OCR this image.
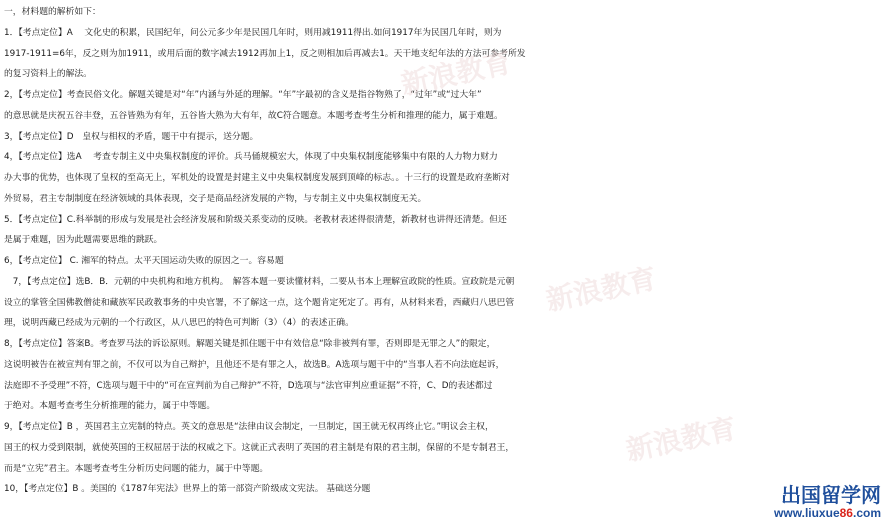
一，材料题的解析如下：

1．【考点定位】A　 文化史的积累，民国纪年，问公元多少年是民国几年时，则用减1911得出.如问1917年为民国几年时，则为

1917-1911=6年，反之则为加1911，或用后面的数字减去1912再加上1，反之则相加后再减去1。天干地支纪年法的方法可参考所发

的复习资料上的解法。

2，【考点定位】考查民俗文化。解题关键是对“年”内涵与外延的理解。“年”字最初的含义是指谷物熟了，“过年”或“过大年”

的意思就是庆祝五谷丰登，五谷皆熟为有年，五谷皆大熟为大有年，故C符合题意。本题考查考生分析和推理的能力，属于难题。

3，【考点定位】D　皇权与相权的矛盾，题干中有提示，送分题。

4，【考点定位】选A　 考查专制主义中央集权制度的评价。兵马俑规模宏大，体现了中央集权制度能够集中有限的人力物力财力

办大事的优势，也体现了皇权的至高无上，军机处的设置是封建主义中央集权制度发展到顶峰的标志。。十三行的设置是政府垄断对

外贸易，君主专制制度在经济领域的具体表现，交子是商品经济发展的产物，与专制主义中央集权制度无关。

5．【考点定位】C.科举制的形成与发展是社会经济发展和阶级关系变动的反映。老教材表述得很清楚，新教材也讲得还清楚。但还

是属于难题，因为此题需要思维的跳跃。

6，【考点定位】 C. 湘军的特点。太平天国运动失败的原因之一。容易题

　7，【考点定位】选B．B．元朝的中央机构和地方机构。　解答本题一要读懂材料，二要从书本上理解宣政院的性质。宣政院是元朝

设立的掌管全国佛教僧徒和藏族军民政教事务的中央官署，不了解这一点，这个题肯定死定了。再有，从材料来看，西藏归八思巴管

理，说明西藏已经成为元朝的一个行政区，从八思巴的特色可判断（3）（4）的表述正确。

8，【考点定位】答案B。考查罗马法的诉讼原则。解题关键是抓住题干中有效信息“除非被判有罪，否则即是无罪之人”的限定，

这说明被告在被宣判有罪之前，不仅可以为自己辩护，且他还不是有罪之人，故选B。A选项与题干中的“当事人若不向法庭起诉，

法庭即不予受理”不符，C选项与题干中的“可在宣判前为自己辩护”不符，D选项与“法官审判应重证据”不符，C、D的表述都过

于绝对。本题考查考生分析推理的能力，属于中等题。

9，【考点定位】B ，英国君主立宪制的特点。英文的意思是“法律由议会制定，一旦制定，国王就无权再终止它。”明议会主权，

国王的权力受到限制，就使英国的王权屈居于法的权威之下。这就正式表明了英国的君主制是有限的君主制，保留的不是专制君王，

而是“立宪”君主。本题考查考生分析历史问题的能力，属于中等题。

10，【考点定位】B 。美国的《1787年宪法》世界上的第一部资产阶级成文宪法。 基础送分题

新浪教育
新浪教育
新浪教育
出国留学网
www.liuxue86.com
